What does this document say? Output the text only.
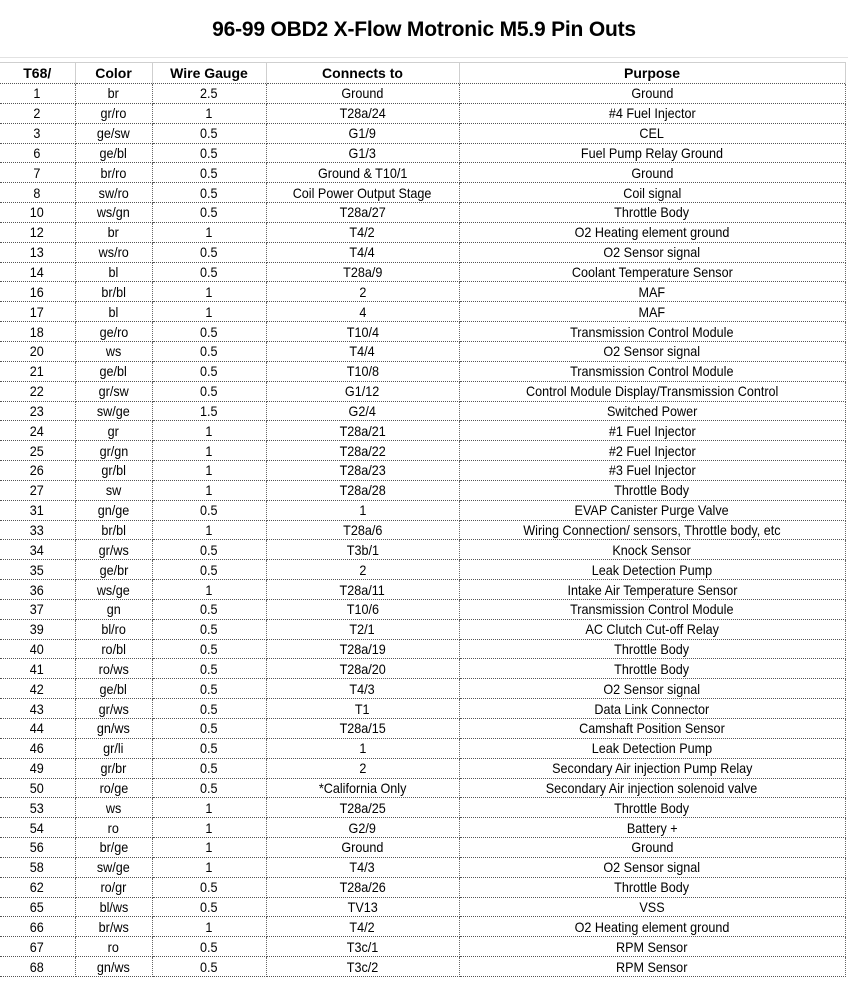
96-99 OBD2 X-Flow Motronic M5.9 Pin Outs
T68/	Color	Wire Gauge	Connects to	Purpose
1	br	2.5	Ground	Ground
2	gr/ro	1	T28a/24	#4 Fuel Injector
3	ge/sw	0.5	G1/9	CEL
6	ge/bl	0.5	G1/3	Fuel Pump Relay Ground
7	br/ro	0.5	Ground & T10/1	Ground
8	sw/ro	0.5	Coil Power Output Stage	Coil signal
10	ws/gn	0.5	T28a/27	Throttle Body
12	br	1	T4/2	O2 Heating element ground
13	ws/ro	0.5	T4/4	O2 Sensor signal
14	bl	0.5	T28a/9	Coolant Temperature Sensor
16	br/bl	1	2	MAF
17	bl	1	4	MAF
18	ge/ro	0.5	T10/4	Transmission Control Module
20	ws	0.5	T4/4	O2 Sensor signal
21	ge/bl	0.5	T10/8	Transmission Control Module
22	gr/sw	0.5	G1/12	Control Module Display/Transmission Control
23	sw/ge	1.5	G2/4	Switched Power
24	gr	1	T28a/21	#1 Fuel Injector
25	gr/gn	1	T28a/22	#2 Fuel Injector
26	gr/bl	1	T28a/23	#3 Fuel Injector
27	sw	1	T28a/28	Throttle Body
31	gn/ge	0.5	1	EVAP Canister Purge Valve
33	br/bl	1	T28a/6	Wiring Connection/ sensors, Throttle body, etc
34	gr/ws	0.5	T3b/1	Knock Sensor
35	ge/br	0.5	2	Leak Detection Pump
36	ws/ge	1	T28a/11	Intake Air Temperature Sensor
37	gn	0.5	T10/6	Transmission Control Module
39	bl/ro	0.5	T2/1	AC Clutch Cut-off Relay
40	ro/bl	0.5	T28a/19	Throttle Body
41	ro/ws	0.5	T28a/20	Throttle Body
42	ge/bl	0.5	T4/3	O2 Sensor signal
43	gr/ws	0.5	T1	Data Link Connector
44	gn/ws	0.5	T28a/15	Camshaft Position Sensor
46	gr/li	0.5	1	Leak Detection Pump
49	gr/br	0.5	2	Secondary Air injection Pump Relay
50	ro/ge	0.5	*California Only	Secondary Air injection solenoid valve
53	ws	1	T28a/25	Throttle Body
54	ro	1	G2/9	Battery +
56	br/ge	1	Ground	Ground
58	sw/ge	1	T4/3	O2 Sensor signal
62	ro/gr	0.5	T28a/26	Throttle Body
65	bl/ws	0.5	TV13	VSS
66	br/ws	1	T4/2	O2 Heating element ground
67	ro	0.5	T3c/1	RPM Sensor
68	gn/ws	0.5	T3c/2	RPM Sensor
